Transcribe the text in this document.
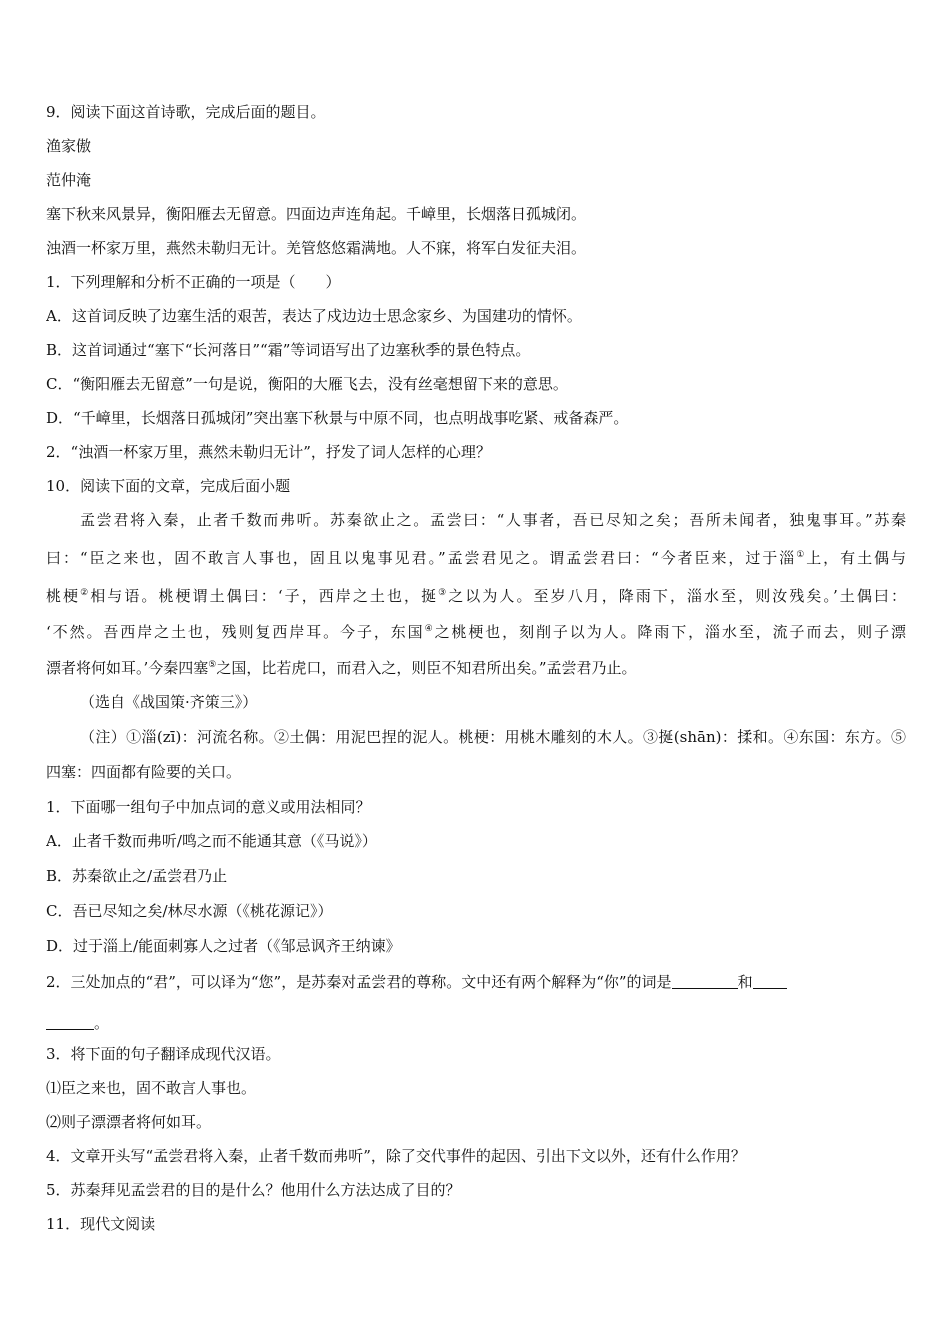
9．阅读下面这首诗歌，完成后面的题目。
渔家傲
范仲淹
塞下秋来风景异，衡阳雁去无留意。四面边声连角起。千嶂里，长烟落日孤城闭。
浊酒一杯家万里，燕然未勒归无计。羌管悠悠霜满地。人不寐，将军白发征夫泪。
1．下列理解和分析不正确的一项是（　　）
A．这首词反映了边塞生活的艰苦，表达了戍边边士思念家乡、为国建功的情怀。
B．这首词通过“塞下“长河落日”“霜”等词语写出了边塞秋季的景色特点。
C．“衡阳雁去无留意”一句是说，衡阳的大雁飞去，没有丝毫想留下来的意思。
D．“千嶂里，长烟落日孤城闭”突出塞下秋景与中原不同，也点明战事吃紧、戒备森严。
2．“浊酒一杯家万里，燕然未勒归无计”，抒发了词人怎样的心理？
10．阅读下面的文章，完成后面小题
孟尝君将入秦，止者千数而弗听。苏秦欲止之。孟尝曰：“人事者，吾已尽知之矣；吾所未闻者，独鬼事耳。”苏秦
曰：“臣之来也，固不敢言人事也，固且以鬼事见君。”孟尝君见之。谓孟尝君曰：“今者臣来，过于淄①上，有土偶与
桃梗②相与语。桃梗谓土偶曰：‘子，西岸之土也，挻③之以为人。至岁八月，降雨下，淄水至，则汝残矣。’土偶曰：
‘不然。吾西岸之土也，残则复西岸耳。今子，东国④之桃梗也，刻削子以为人。降雨下，淄水至，流子而去，则子漂
漂者将何如耳。’今秦四塞⑤之国，比若虎口，而君入之，则臣不知君所出矣。”孟尝君乃止。
（选自《战国策·齐策三》）
（注）①淄(zī)：河流名称。②土偶：用泥巴捏的泥人。桃梗：用桃木雕刻的木人。③挻(shān)：揉和。④东国：东方。⑤
四塞：四面都有险要的关口。
1．下面哪一组句子中加点词的意义或用法相同？
A．止者千数而弗听/鸣之而不能通其意（《马说》）
B．苏秦欲止之/孟尝君乃止
C．吾已尽知之矣/林尽水源（《桃花源记》）
D．过于淄上/能面刺寡人之过者（《邹忌讽齐王纳谏》
2．三处加点的“君”，可以译为“您”，是苏秦对孟尝君的尊称。文中还有两个解释为“你”的词是	和
。
3．将下面的句子翻译成现代汉语。
⑴臣之来也，固不敢言人事也。
⑵则子漂漂者将何如耳。
4．文章开头写“孟尝君将入秦，止者千数而弗听”，除了交代事件的起因、引出下文以外，还有什么作用？
5．苏秦拜见孟尝君的目的是什么？他用什么方法达成了目的？
11．现代文阅读
